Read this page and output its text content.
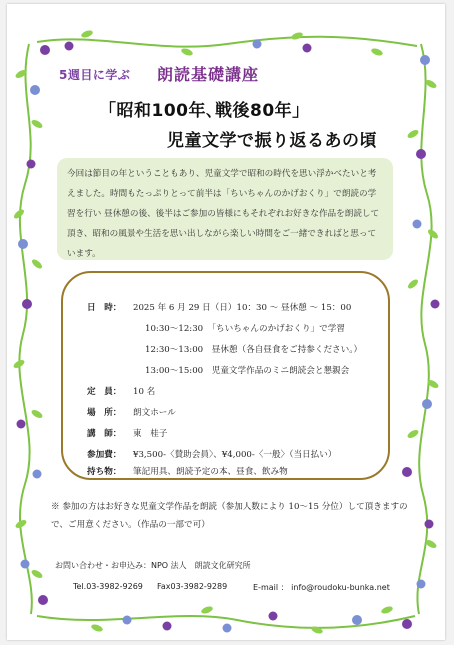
5週目に学ぶ 朗読基礎講座
「昭和100年､戦後80年」
児童文学で振り返るあの頃
今回は節目の年ということもあり、児童文学で昭和の時代を思い浮かべたいと考えました。時間もたっぷりとって前半は「ちいちゃんのかげおくり」で朗読の学習を行い 昼休憩の後、後半はご参加の皆様にもそれぞれお好きな作品を朗読して頂き、昭和の風景や生活を思い出しながら楽しい時間をご一緒できればと思っています。
日　時： 2025 年 6 月 29 日（日）10：30 ～ 昼休憩 ～ 15：00
10:30～12:30　「ちいちゃんのかげおくり」で学習
12:30～13:00　昼休憩（各自昼食をご持参ください。）
13:00～15:00　児童文学作品のミニ朗読会と懇親会
定　員： 10 名
場　所： 朗文ホール
講　師： 東　桂子
参加費： ¥3,500-〈賛助会員〉、¥4,000-〈一般〉（当日払い）
持ち物： 筆記用具、朗読予定の本、昼食、飲み物
※ 参加の方はお好きな児童文学作品を朗読（参加人数により 10～15 分位）して頂きますので、ご用意ください。（作品の一部で可）
お問い合わせ・お申込み：NPO 法人　朗読文化研究所
Tel.03-3982-9269 Fax03-3982-9289	E-mail ： info@roudoku-bunka.net
